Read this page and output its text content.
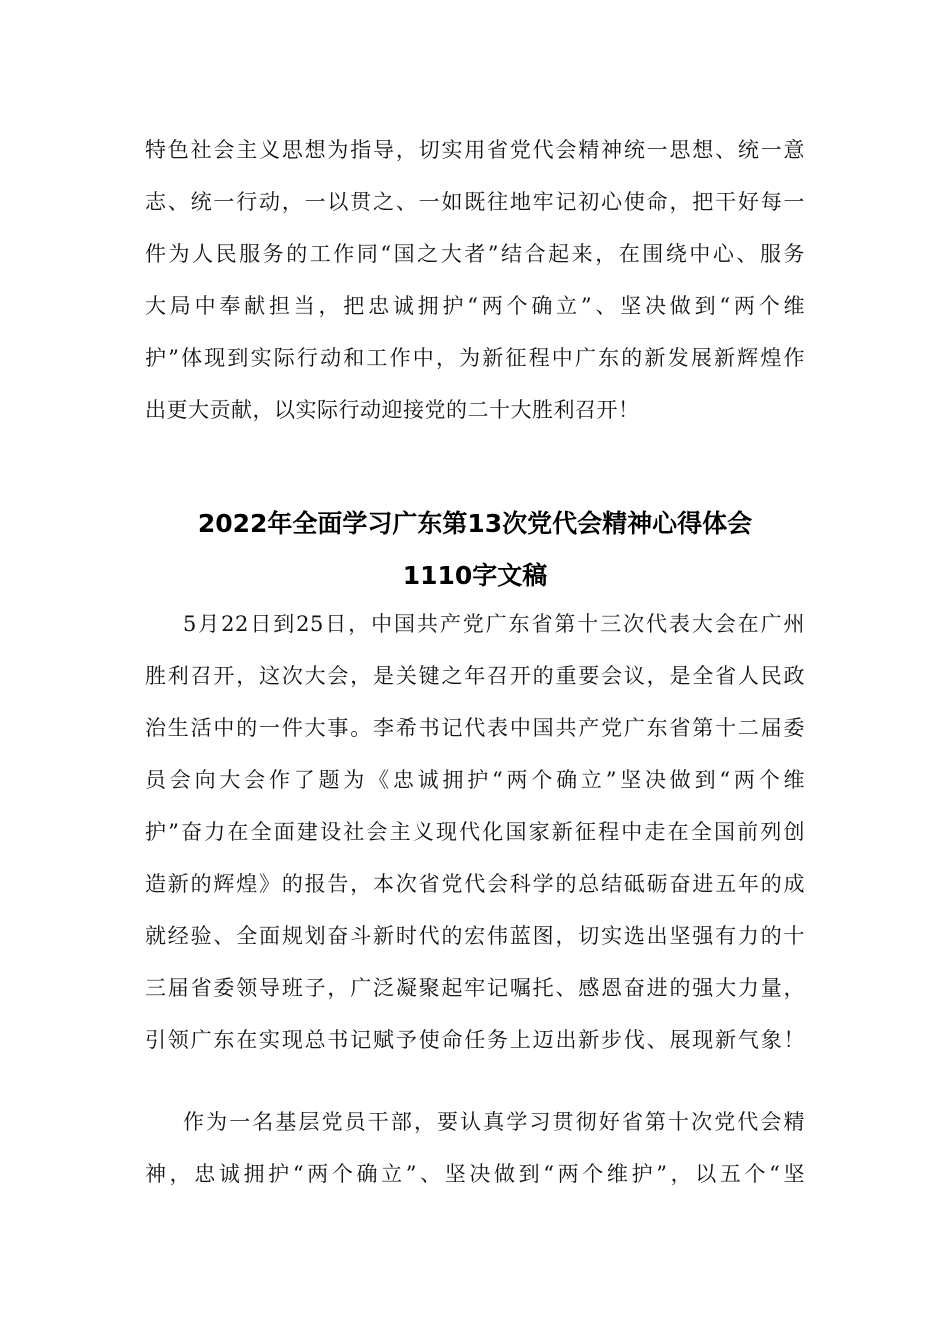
特色社会主义思想为指导，切实用省党代会精神统一思想、统一意
志、统一行动，一以贯之、一如既往地牢记初心使命，把干好每一
件为人民服务的工作同“国之大者”结合起来，在围绕中心、服务
大局中奉献担当，把忠诚拥护“两个确立”、坚决做到“两个维
护”体现到实际行动和工作中，为新征程中广东的新发展新辉煌作
出更大贡献，以实际行动迎接党的二十大胜利召开！
2022年全面学习广东第13次党代会精神心得体会
1110字文稿
5月22日到25日，中国共产党广东省第十三次代表大会在广州
胜利召开，这次大会，是关键之年召开的重要会议，是全省人民政
治生活中的一件大事。李希书记代表中国共产党广东省第十二届委
员会向大会作了题为《忠诚拥护“两个确立”坚决做到“两个维
护”奋力在全面建设社会主义现代化国家新征程中走在全国前列创
造新的辉煌》的报告，本次省党代会科学的总结砥砺奋进五年的成
就经验、全面规划奋斗新时代的宏伟蓝图，切实选出坚强有力的十
三届省委领导班子，广泛凝聚起牢记嘱托、感恩奋进的强大力量，
引领广东在实现总书记赋予使命任务上迈出新步伐、展现新气象！
作为一名基层党员干部，要认真学习贯彻好省第十次党代会精
神，忠诚拥护“两个确立”、坚决做到“两个维护”，以五个“坚
